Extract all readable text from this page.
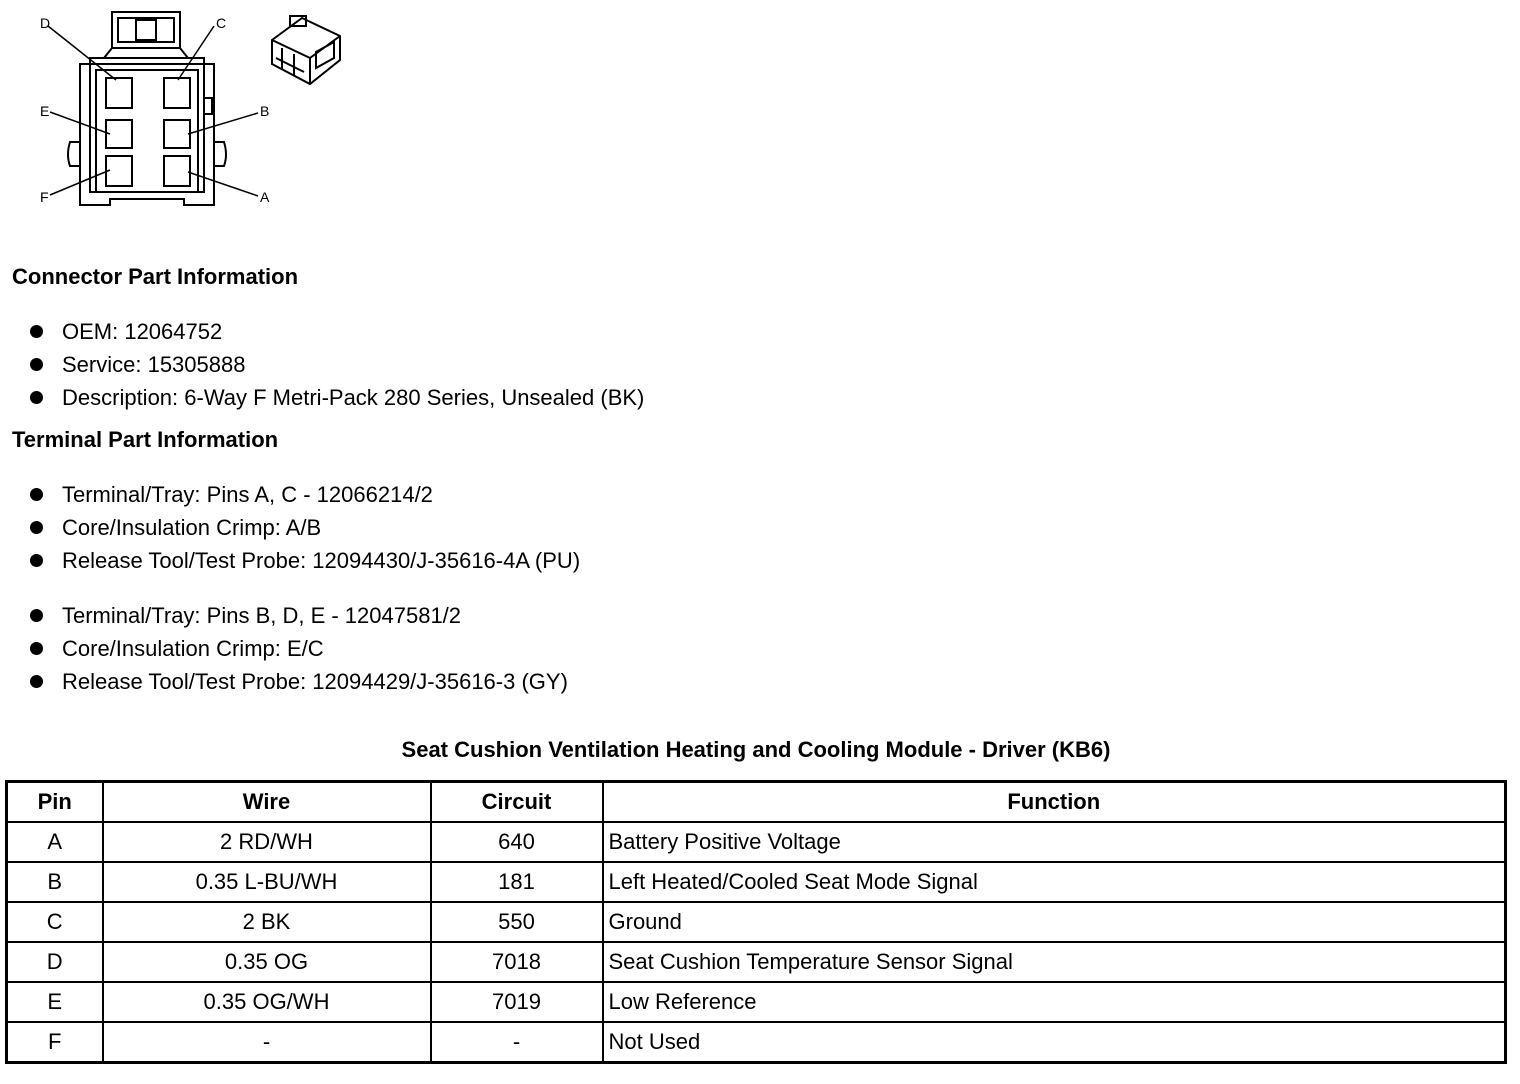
D	C
E	B
F	A
Connector Part Information
OEM: 12064752
Service: 15305888
Description: 6-Way F Metri-Pack 280 Series, Unsealed (BK)
Terminal Part Information
Terminal/Tray: Pins A, C - 12066214/2
Core/Insulation Crimp: A/B
Release Tool/Test Probe: 12094430/J-35616-4A (PU)
Terminal/Tray: Pins B, D, E - 12047581/2
Core/Insulation Crimp: E/C
Release Tool/Test Probe: 12094429/J-35616-3 (GY)
Seat Cushion Ventilation Heating and Cooling Module - Driver (KB6)
Pin	Wire	Circuit	Function
A	2 RD/WH	640	Battery Positive Voltage
B	0.35 L-BU/WH	181	Left Heated/Cooled Seat Mode Signal
C	2 BK	550	Ground
D	0.35 OG	7018	Seat Cushion Temperature Sensor Signal
E	0.35 OG/WH	7019	Low Reference
F	-	-	Not Used
